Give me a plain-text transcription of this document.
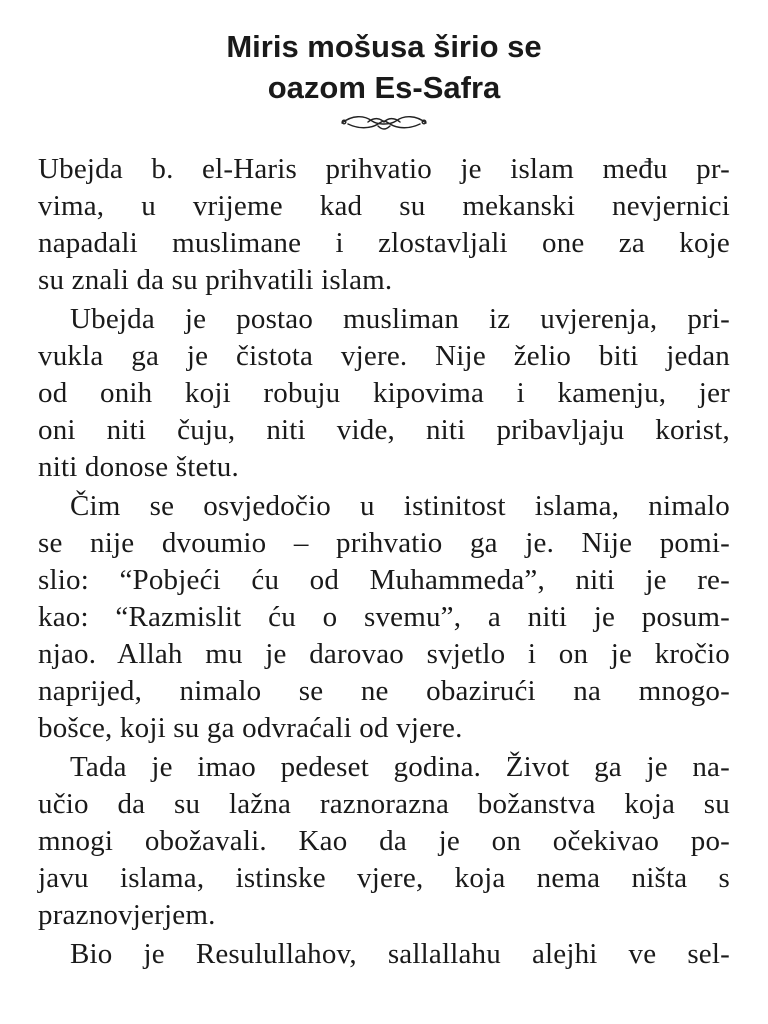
Miris mošusa širio se
oazom Es-Safra
Ubejda b. el-Haris prihvatio je islam među pr-
vima, u vrijeme kad su mekanski nevjernici
napadali muslimane i zlostavljali one za koje
su znali da su prihvatili islam.
Ubejda je postao musliman iz uvjerenja, pri-
vukla ga je čistota vjere. Nije želio biti jedan
od onih koji robuju kipovima i kamenju, jer
oni niti čuju, niti vide, niti pribavljaju korist,
niti donose štetu.
Čim se osvjedočio u istinitost islama, nimalo
se nije dvoumio – prihvatio ga je. Nije pomi-
slio: “Pobjeći ću od Muhammeda”, niti je re-
kao: “Razmislit ću o svemu”, a niti je posum-
njao. Allah mu je darovao svjetlo i on je kročio
naprijed, nimalo se ne obazirući na mnogo-
bošce, koji su ga odvraćali od vjere.
Tada je imao pedeset godina. Život ga je na-
učio da su lažna raznorazna božanstva koja su
mnogi obožavali. Kao da je on očekivao po-
javu islama, istinske vjere, koja nema ništa s
praznovjerjem.
Bio je Resulullahov, sallallahu alejhi ve sel-
